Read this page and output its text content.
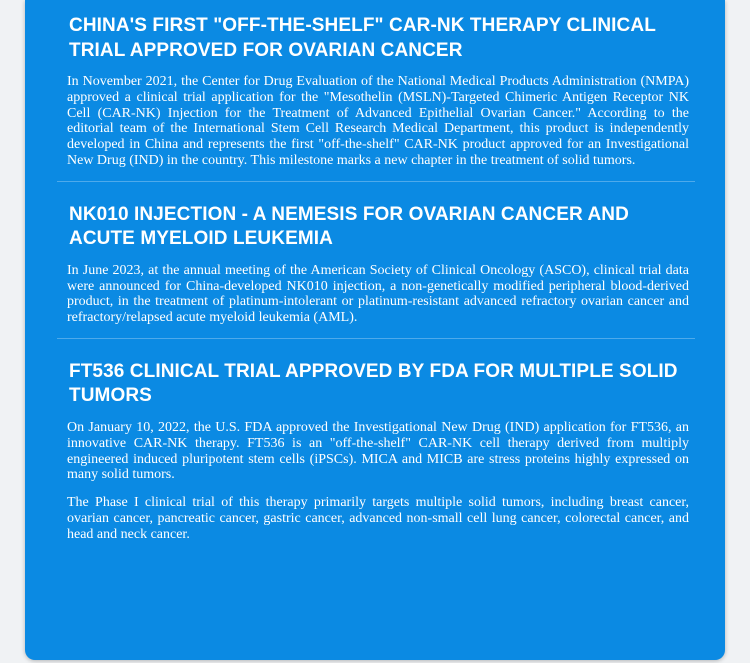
CHINA'S FIRST "OFF-THE-SHELF" CAR-NK THERAPY CLINICAL TRIAL APPROVED FOR OVARIAN CANCER

In November 2021, the Center for Drug Evaluation of the National Medical Products Administration (NMPA) approved a clinical trial application for the "Mesothelin (MSLN)-Targeted Chimeric Antigen Receptor NK Cell (CAR-NK) Injection for the Treatment of Advanced Epithelial Ovarian Cancer." According to the editorial team of the International Stem Cell Research Medical Department, this product is independently developed in China and represents the first "off-the-shelf" CAR-NK product approved for an Investigational New Drug (IND) in the country. This milestone marks a new chapter in the treatment of solid tumors.

NK010 INJECTION - A NEMESIS FOR OVARIAN CANCER AND ACUTE MYELOID LEUKEMIA

In June 2023, at the annual meeting of the American Society of Clinical Oncology (ASCO), clinical trial data were announced for China-developed NK010 injection, a non-genetically modified peripheral blood-derived product, in the treatment of platinum-intolerant or platinum-resistant advanced refractory ovarian cancer and refractory/relapsed acute myeloid leukemia (AML).

FT536 CLINICAL TRIAL APPROVED BY FDA FOR MULTIPLE SOLID TUMORS

On January 10, 2022, the U.S. FDA approved the Investigational New Drug (IND) application for FT536, an innovative CAR-NK therapy. FT536 is an "off-the-shelf" CAR-NK cell therapy derived from multiply engineered induced pluripotent stem cells (iPSCs). MICA and MICB are stress proteins highly expressed on many solid tumors.

The Phase I clinical trial of this therapy primarily targets multiple solid tumors, including breast cancer, ovarian cancer, pancreatic cancer, gastric cancer, advanced non-small cell lung cancer, colorectal cancer, and head and neck cancer.
